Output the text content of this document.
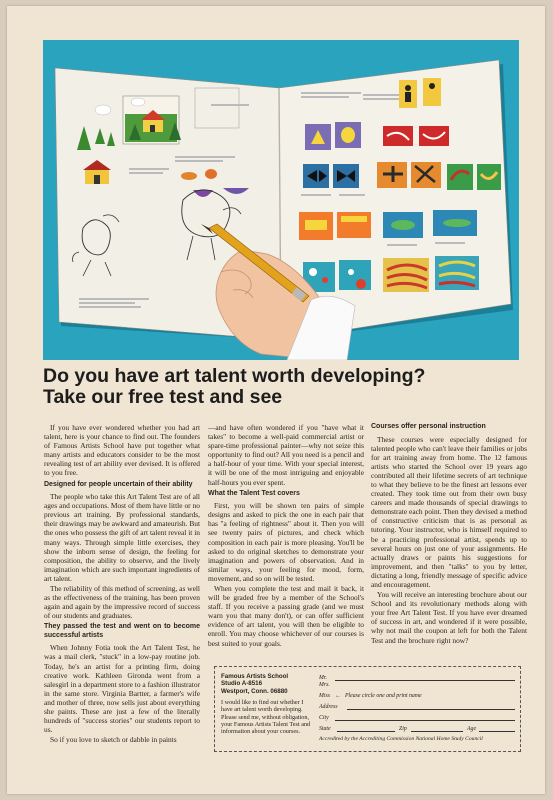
Do you have art talent worth developing?
Take our free test and see

If you have ever wondered whether you had art talent, here is your chance to find out. The founders of Famous Artists School have put together what many artists and educators consider to be the most revealing test of art ability ever devised. It is offered to you free.

Designed for people uncertain of their ability

The people who take this Art Talent Test are of all ages and occupations. Most of them have little or no previous art training. By professional standards, their drawings may be awkward and amateurish. But the ones who possess the gift of art talent reveal it in many ways. Through simple little exercises, they show the inborn sense of design, the feeling for composition, the ability to observe, and the lively imagination which are such important ingredients of art talent.

The reliability of this method of screening, as well as the effectiveness of the training, has been proven again and again by the impressive record of success of our students and graduates.

They passed the test and went on to become successful artists

When Johnny Fotia took the Art Talent Test, he was a mail clerk, "stuck" in a low-pay routine job. Today, he's an artist for a printing firm, doing creative work. Kathleen Gironda went from a salesgirl in a department store to a fashion illustrator in the same store. Virginia Bartter, a farmer's wife and mother of three, now sells just about everything she paints. These are just a few of the literally hundreds of "success stories" our students report to us.

So if you love to sketch or dabble in paints

—and have often wondered if you "have what it takes" to become a well-paid commercial artist or spare-time professional painter—why not seize this opportunity to find out? All you need is a pencil and a half-hour of your time. With your special interest, it will be one of the most intriguing and enjoyable half-hours you ever spent.

What the Talent Test covers

First, you will be shown ten pairs of simple designs and asked to pick the one in each pair that has "a feeling of rightness" about it. Then you will see twenty pairs of pictures, and check which composition in each pair is more pleasing. You'll be asked to do original sketches to demonstrate your imagination and powers of observation. And in similar ways, your feeling for mood, form, movement, and so on will be tested.

When you complete the test and mail it back, it will be graded free by a member of the School's staff. If you receive a passing grade (and we must warn you that many don't), or can offer sufficient evidence of art talent, you will then be eligible to enroll. You may choose whichever of our courses is best suited to your goals.

Courses offer personal instruction

These courses were especially designed for talented people who can't leave their families or jobs for art training away from home. The 12 famous artists who started the School over 19 years ago contributed all their lifetime secrets of art technique to what they believe to be the finest art lessons ever created. They took time out from their own busy careers and made thousands of special drawings to demonstrate each point. Then they devised a method of constructive criticism that is as personal as tutoring. Your instructor, who is himself required to be a practicing professional artist, spends up to several hours on just one of your assignments. He actually draws or paints his suggestions for improvement, and then "talks" to you by letter, dictating a long, friendly message of specific advice and encouragement.

You will receive an interesting brochure about our School and its revolutionary methods along with your free Art Talent Test. If you have ever dreamed of success in art, and wondered if it were possible, why not mail the coupon at left for both the Talent Test and the brochure right now?

Famous Artists School
Studio A-8516
Westport, Conn. 06880
I would like to find out whether I have art talent worth developing. Please send me, without obligation, your Famous Artists Talent Test and information about your courses.
Mr.
Mrs.
Miss ← Please circle one and print name
Address
City
State	Zip	Age
Accredited by the Accrediting Commission National Home Study Council
